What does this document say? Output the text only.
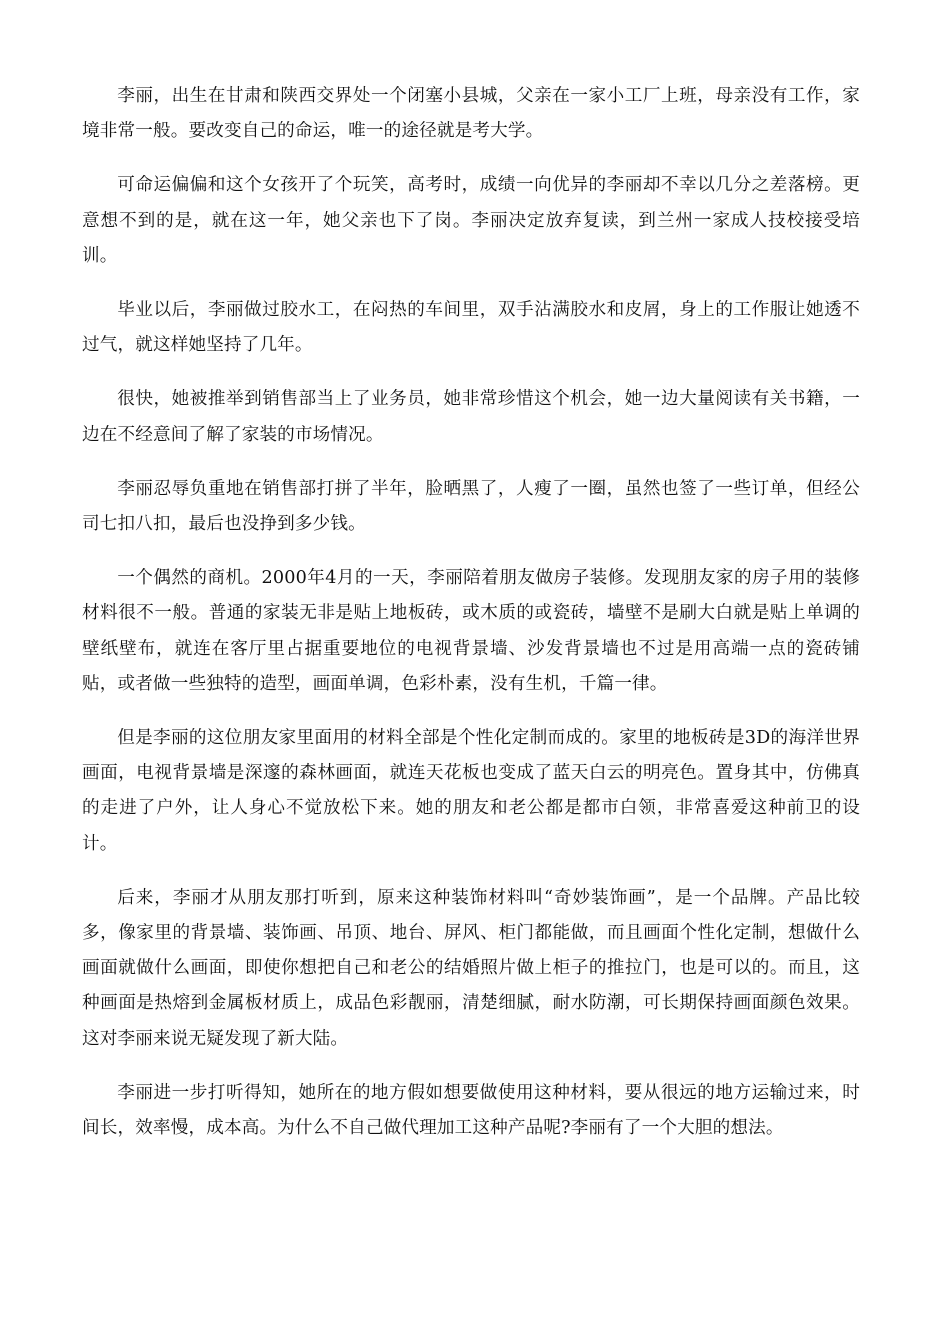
李丽，出生在甘肃和陕西交界处一个闭塞小县城，父亲在一家小工厂上班，母亲没有工作，家境非常一般。要改变自己的命运，唯一的途径就是考大学。

可命运偏偏和这个女孩开了个玩笑，高考时，成绩一向优异的李丽却不幸以几分之差落榜。更意想不到的是，就在这一年，她父亲也下了岗。李丽决定放弃复读，到兰州一家成人技校接受培训。

毕业以后，李丽做过胶水工，在闷热的车间里，双手沾满胶水和皮屑，身上的工作服让她透不过气，就这样她坚持了几年。

很快，她被推举到销售部当上了业务员，她非常珍惜这个机会，她一边大量阅读有关书籍，一边在不经意间了解了家装的市场情况。

李丽忍辱负重地在销售部打拼了半年，脸晒黑了，人瘦了一圈，虽然也签了一些订单，但经公司七扣八扣，最后也没挣到多少钱。

一个偶然的商机。2000年4月的一天，李丽陪着朋友做房子装修。发现朋友家的房子用的装修材料很不一般。普通的家装无非是贴上地板砖，或木质的或瓷砖，墙壁不是刷大白就是贴上单调的壁纸壁布，就连在客厅里占据重要地位的电视背景墙、沙发背景墙也不过是用高端一点的瓷砖铺贴，或者做一些独特的造型，画面单调，色彩朴素，没有生机，千篇一律。

但是李丽的这位朋友家里面用的材料全部是个性化定制而成的。家里的地板砖是3D的海洋世界画面，电视背景墙是深邃的森林画面，就连天花板也变成了蓝天白云的明亮色。置身其中，仿佛真的走进了户外，让人身心不觉放松下来。她的朋友和老公都是都市白领，非常喜爱这种前卫的设计。

后来，李丽才从朋友那打听到，原来这种装饰材料叫“奇妙装饰画”，是一个品牌。产品比较多，像家里的背景墙、装饰画、吊顶、地台、屏风、柜门都能做，而且画面个性化定制，想做什么画面就做什么画面，即使你想把自己和老公的结婚照片做上柜子的推拉门，也是可以的。而且，这种画面是热熔到金属板材质上，成品色彩靓丽，清楚细腻，耐水防潮，可长期保持画面颜色效果。这对李丽来说无疑发现了新大陆。

李丽进一步打听得知，她所在的地方假如想要做使用这种材料，要从很远的地方运输过来，时间长，效率慢，成本高。为什么不自己做代理加工这种产品呢?李丽有了一个大胆的想法。
